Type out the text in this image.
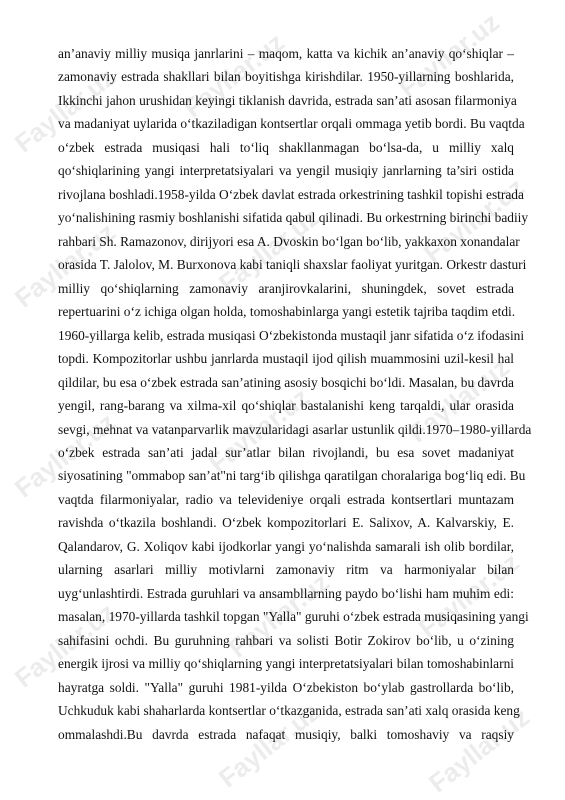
Fayllar.uz Fayllar.uz	Fayllar.uz
Fayllar.uz	Fayllar.uz	Fayllar.uz
Fayllar.uz	Fayllar.uz	Fayllar.uz
Fayllar.uz	Fayllar.uz	Fayllar.uz
Fayllar.uz	Fayllar.uz
an’anaviy milliy musiqa janrlarini – maqom, katta va kichik an’anaviy qo‘shiqlar –
zamonaviy estrada shakllari bilan boyitishga kirishdilar. 1950-yillarning boshlarida,
Ikkinchi jahon urushidan keyingi tiklanish davrida, estrada san’ati asosan filarmoniya
va madaniyat uylarida o‘tkaziladigan kontsertlar orqali ommaga yetib bordi. Bu vaqtda
o‘zbek estrada musiqasi hali to‘liq shakllanmagan bo‘lsa-da, u milliy xalq
qo‘shiqlarining yangi interpretatsiyalari va yengil musiqiy janrlarning ta’siri ostida
rivojlana boshladi.1958-yilda O‘zbek davlat estrada orkestrining tashkil topishi estrada
yo‘nalishining rasmiy boshlanishi sifatida qabul qilinadi. Bu orkestrning birinchi badiiy
rahbari Sh. Ramazonov, dirijyori esa A. Dvoskin bo‘lgan bo‘lib, yakkaxon xonandalar
orasida T. Jalolov, M. Burxonova kabi taniqli shaxslar faoliyat yuritgan. Orkestr dasturi
milliy qo‘shiqlarning zamonaviy aranjirovkalarini, shuningdek, sovet estrada
repertuarini o‘z ichiga olgan holda, tomoshabinlarga yangi estetik tajriba taqdim etdi.
1960-yillarga kelib, estrada musiqasi O‘zbekistonda mustaqil janr sifatida o‘z ifodasini
topdi. Kompozitorlar ushbu janrlarda mustaqil ijod qilish muammosini uzil-kesil hal
qildilar, bu esa o‘zbek estrada san’atining asosiy bosqichi bo‘ldi. Masalan, bu davrda
yengil, rang-barang va xilma-xil qo‘shiqlar bastalanishi keng tarqaldi, ular orasida
sevgi, mehnat va vatanparvarlik mavzularidagi asarlar ustunlik qildi.1970–1980-yillarda
o‘zbek estrada san’ati jadal sur’atlar bilan rivojlandi, bu esa sovet madaniyat
siyosatining "ommabop san’at"ni targ‘ib qilishga qaratilgan choralariga bog‘liq edi. Bu
vaqtda filarmoniyalar, radio va televideniye orqali estrada kontsertlari muntazam
ravishda o‘tkazila boshlandi. O‘zbek kompozitorlari E. Salixov, A. Kalvarskiy, E.
Qalandarov, G. Xoliqov kabi ijodkorlar yangi yo‘nalishda samarali ish olib bordilar,
ularning asarlari milliy motivlarni zamonaviy ritm va harmoniyalar bilan
uyg‘unlashtirdi. Estrada guruhlari va ansambllarning paydo bo‘lishi ham muhim edi:
masalan, 1970-yillarda tashkil topgan "Yalla" guruhi o‘zbek estrada musiqasining yangi
sahifasini ochdi. Bu guruhning rahbari va solisti Botir Zokirov bo‘lib, u o‘zining
energik ijrosi va milliy qo‘shiqlarning yangi interpretatsiyalari bilan tomoshabinlarni
hayratga soldi. "Yalla" guruhi 1981-yilda O‘zbekiston bo‘ylab gastrollarda bo‘lib,
Uchkuduk kabi shaharlarda kontsertlar o‘tkazganida, estrada san’ati xalq orasida keng
ommalashdi.Bu davrda estrada nafaqat musiqiy, balki tomoshaviy va raqsiy
